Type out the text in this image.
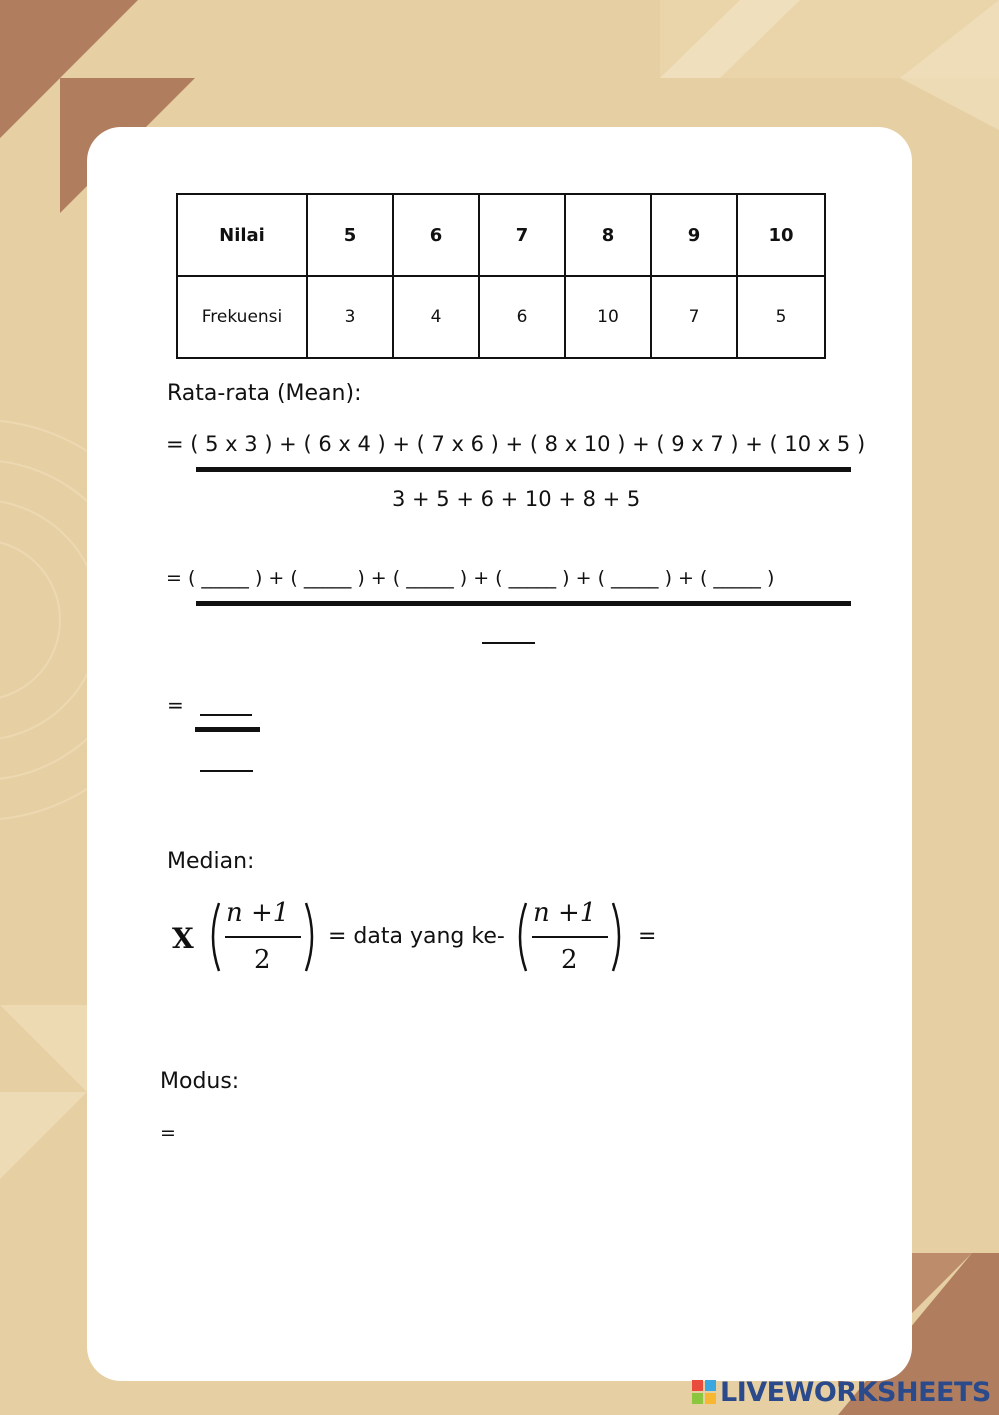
Nilai	5	6	7	8	9	10
Frekuensi	3	4	6	10	7	5
Rata-rata (Mean):
= ( 5 x 3 ) + ( 6 x 4 ) + ( 7 x 6 ) + ( 8 x 10 ) + ( 9 x 7 ) + ( 10 x 5 )
3 + 5 + 6 + 10 + 8 + 5
= ( _____ ) + ( _____ ) + ( _____ ) + ( _____ ) + ( _____ ) + ( _____ )
=
Median:
X
n +1
2
= data yang ke-
n +1
2
=
Modus:
=
LIVEWORKSHEETS
